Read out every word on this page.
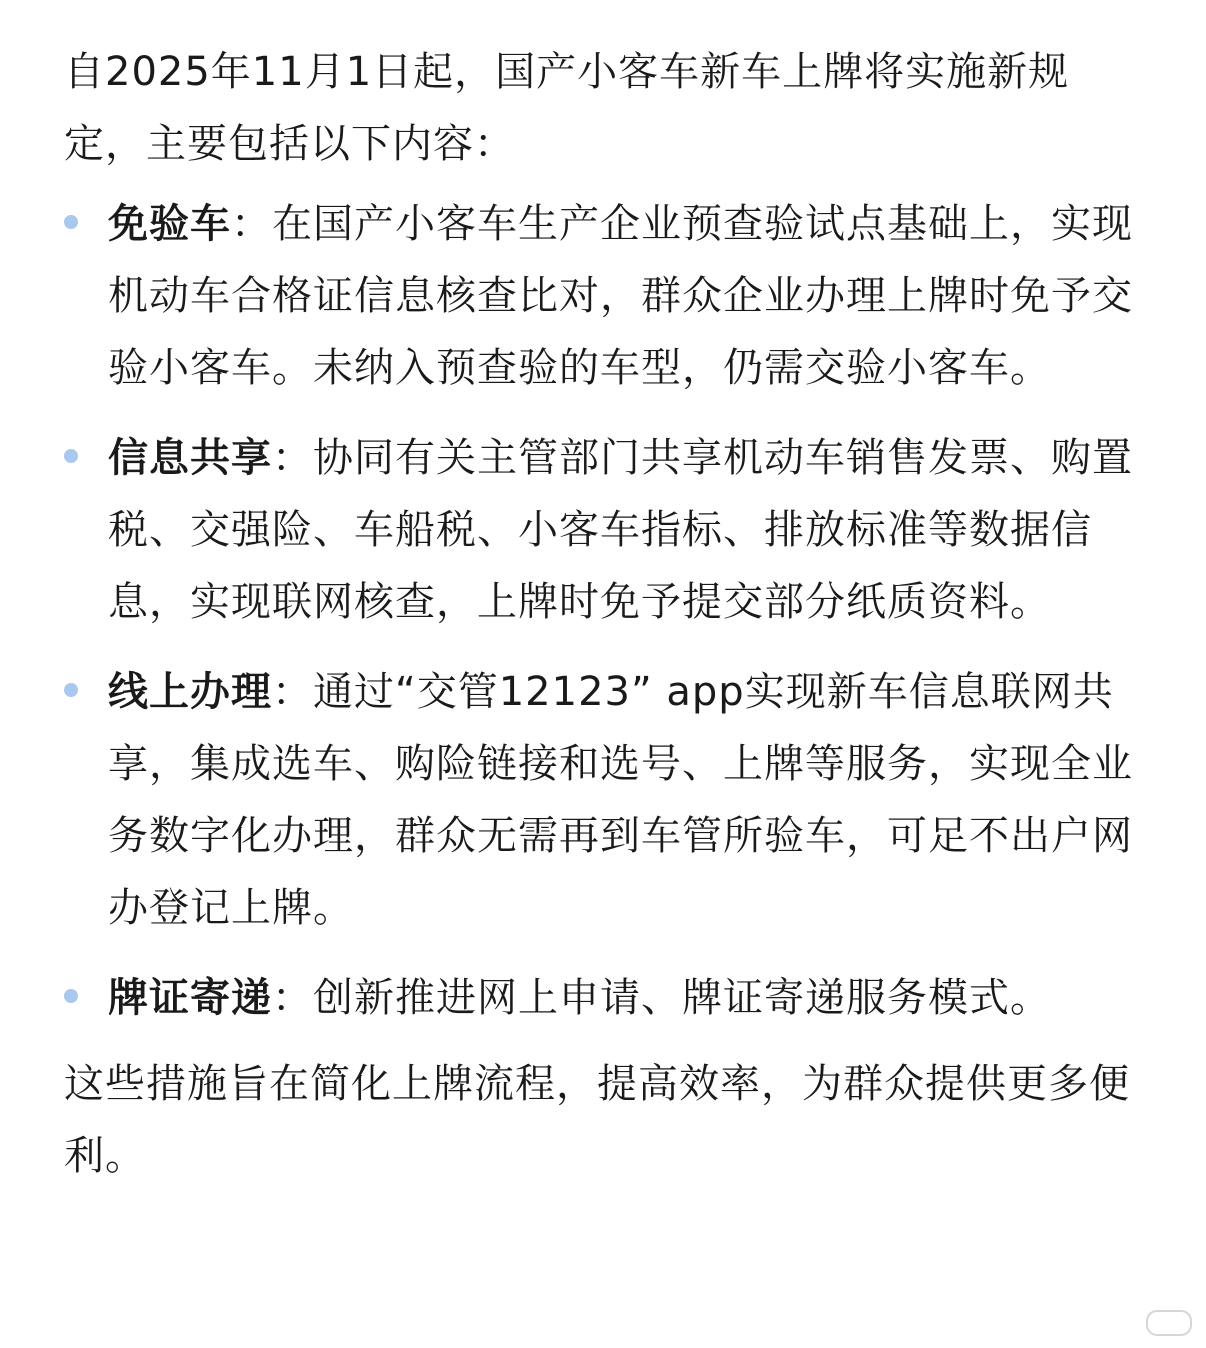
自2025年11月1日起，国产小客车新车上牌将实施新规定，主要包括以下内容：

免验车：在国产小客车生产企业预查验试点基础上，实现机动车合格证信息核查比对，群众企业办理上牌时免予交验小客车。未纳入预查验的车型，仍需交验小客车。
信息共享：协同有关主管部门共享机动车销售发票、购置税、交强险、车船税、小客车指标、排放标准等数据信息，实现联网核查，上牌时免予提交部分纸质资料。
线上办理：通过“交管12123” app实现新车信息联网共享，集成选车、购险链接和选号、上牌等服务，实现全业务数字化办理，群众无需再到车管所验车，可足不出户网办登记上牌。
牌证寄递：创新推进网上申请、牌证寄递服务模式。

这些措施旨在简化上牌流程，提高效率，为群众提供更多便利。
